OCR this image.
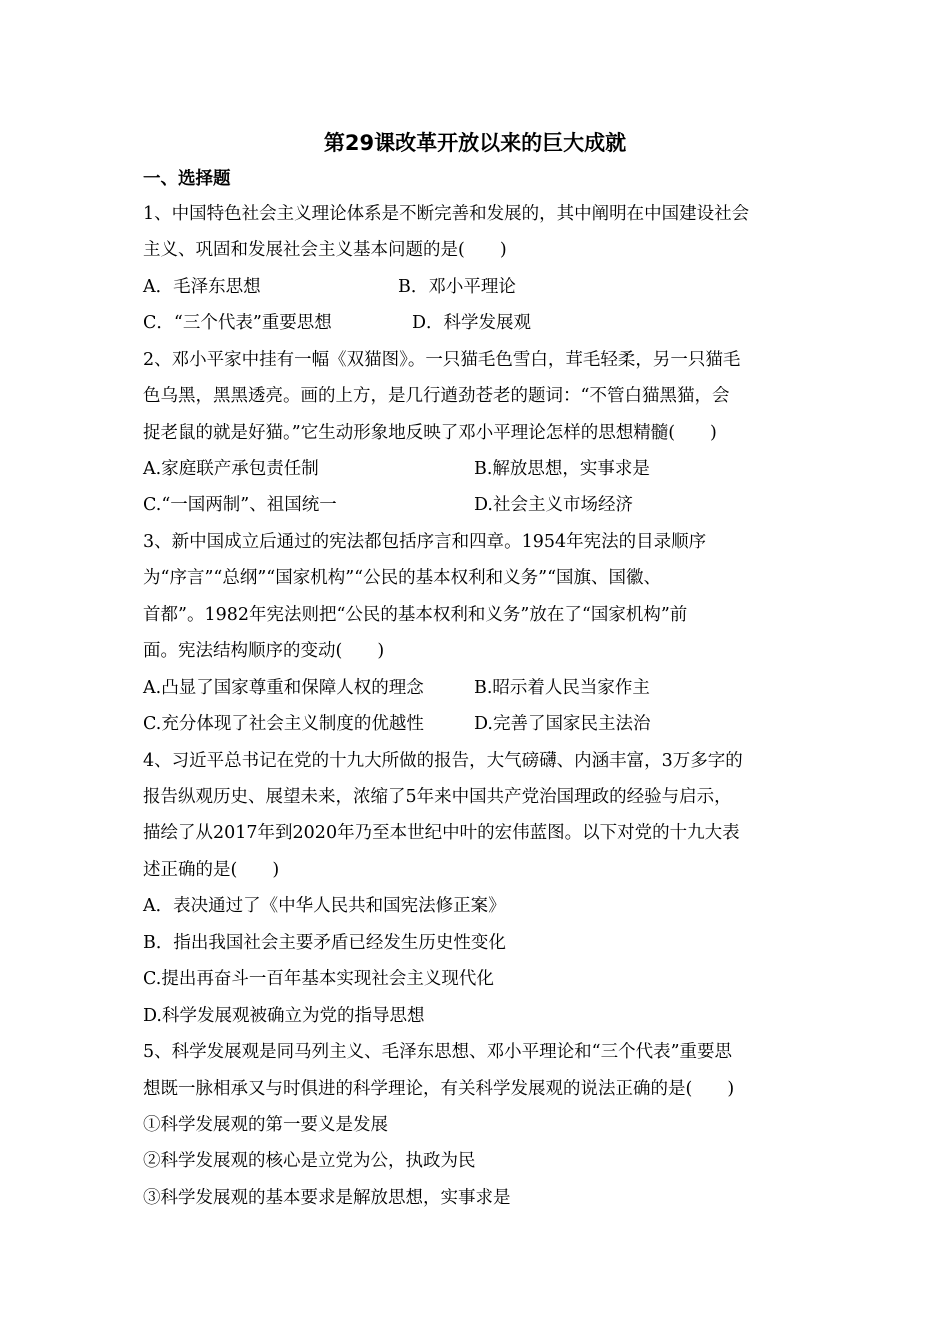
第29课改革开放以来的巨大成就
一、选择题
1、中国特色社会主义理论体系是不断完善和发展的，其中阐明在中国建设社会
主义、巩固和发展社会主义基本问题的是(　　)
A．毛泽东思想	B．邓小平理论
C．“三个代表”重要思想	D．科学发展观
2、邓小平家中挂有一幅《双猫图》。一只猫毛色雪白，茸毛轻柔，另一只猫毛
色乌黑，黑黑透亮。画的上方，是几行遒劲苍老的题词：“不管白猫黑猫，会
捉老鼠的就是好猫。”它生动形象地反映了邓小平理论怎样的思想精髓(　　)
A.家庭联产承包责任制	B.解放思想，实事求是
C.“一国两制”、祖国统一	D.社会主义市场经济
3、新中国成立后通过的宪法都包括序言和四章。1954年宪法的目录顺序
为“序言”“总纲”“国家机构”“公民的基本权利和义务”“国旗、国徽、
首都”。1982年宪法则把“公民的基本权利和义务”放在了“国家机构”前
面。宪法结构顺序的变动(　　)
A.凸显了国家尊重和保障人权的理念	B.昭示着人民当家作主
C.充分体现了社会主义制度的优越性	D.完善了国家民主法治
4、习近平总书记在党的十九大所做的报告，大气磅礴、内涵丰富，3万多字的
报告纵观历史、展望未来，浓缩了5年来中国共产党治国理政的经验与启示，
描绘了从2017年到2020年乃至本世纪中叶的宏伟蓝图。以下对党的十九大表
述正确的是(　　)
A．表决通过了《中华人民共和国宪法修正案》
B．指出我国社会主要矛盾已经发生历史性变化
C.提出再奋斗一百年基本实现社会主义现代化
D.科学发展观被确立为党的指导思想
5、科学发展观是同马列主义、毛泽东思想、邓小平理论和“三个代表”重要思
想既一脉相承又与时俱进的科学理论，有关科学发展观的说法正确的是(　　)
①科学发展观的第一要义是发展
②科学发展观的核心是立党为公，执政为民
③科学发展观的基本要求是解放思想，实事求是
